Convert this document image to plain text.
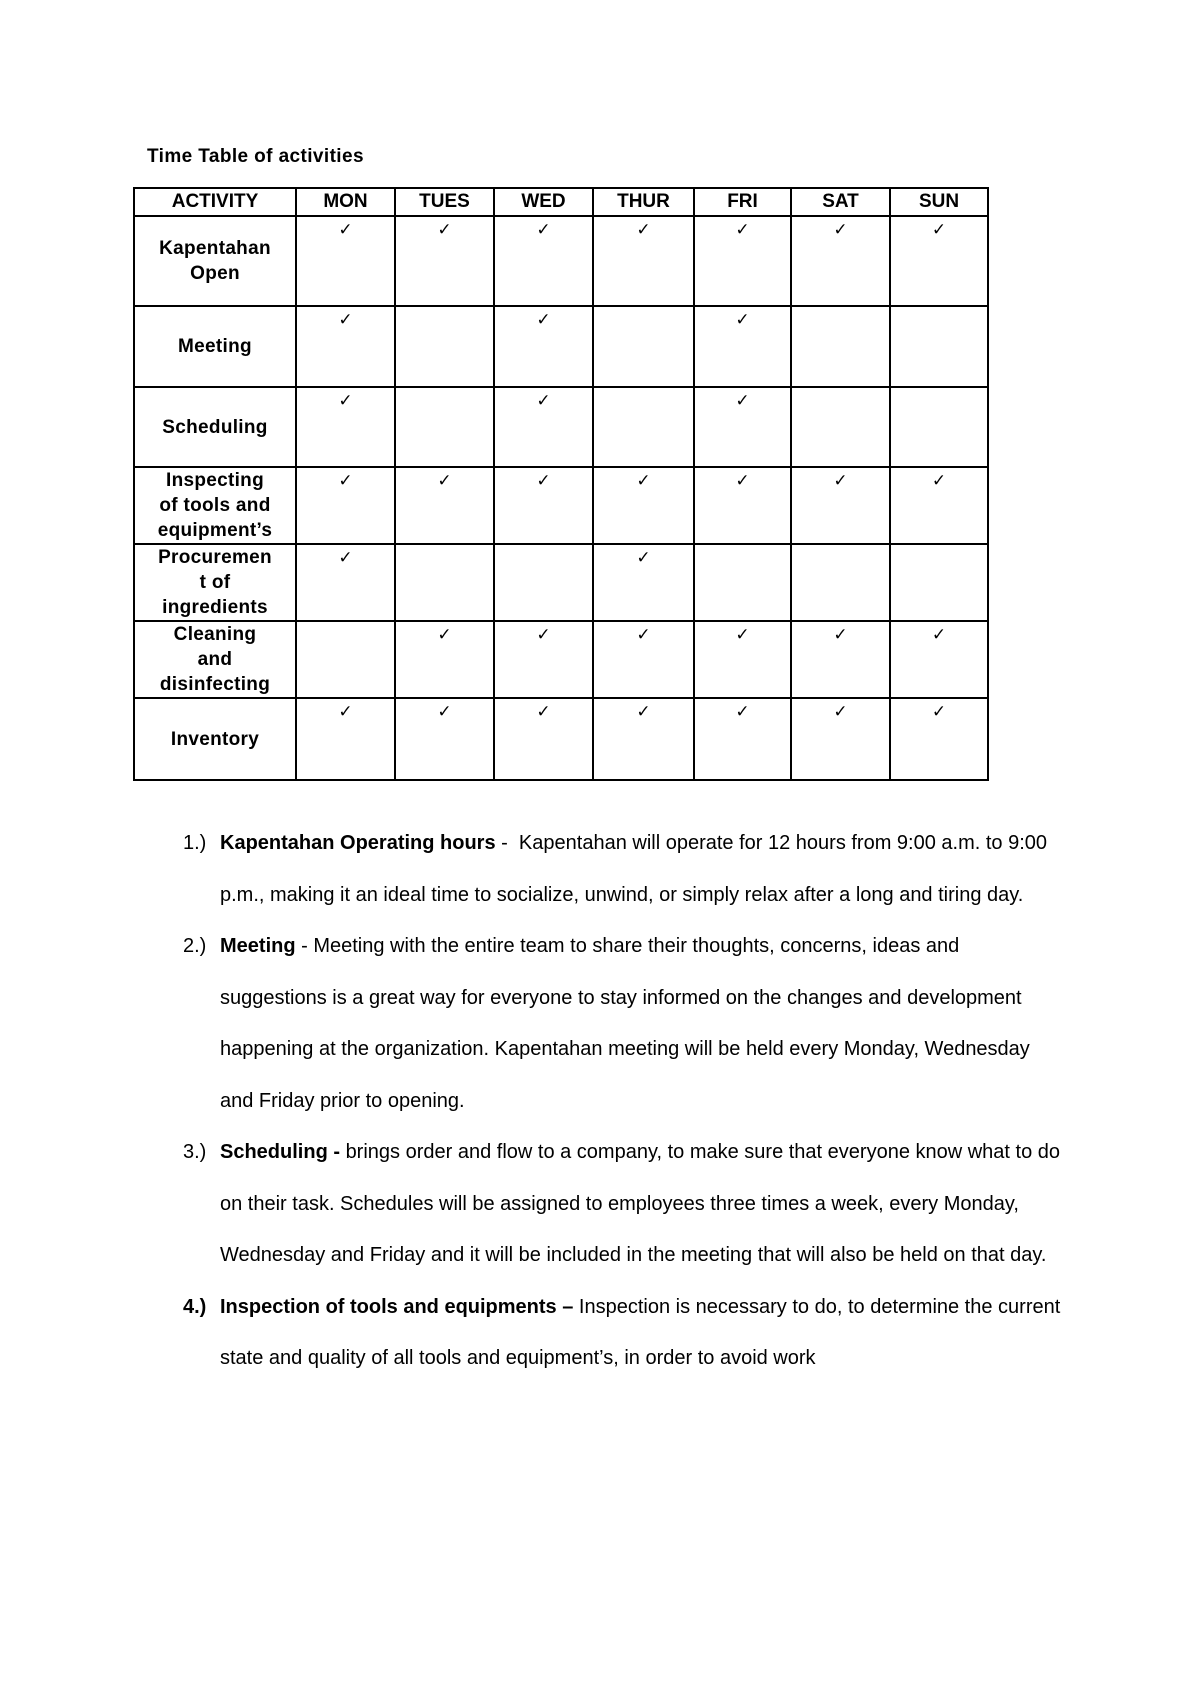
Time Table of activities
ACTIVITY	MON	TUES	WED	THUR	FRI	SAT	SUN
Kapentahan
Open	✓	✓	✓	✓	✓	✓	✓
Meeting	✓		✓		✓		
Scheduling	✓		✓		✓		
Inspecting
of tools and
equipment’s	✓	✓	✓	✓	✓	✓	✓
Procuremen
t of
ingredients	✓			✓			
Cleaning
and
disinfecting		✓	✓	✓	✓	✓	✓
Inventory	✓	✓	✓	✓	✓	✓	✓
1.) Kapentahan Operating hours -  Kapentahan will operate for 12 hours from 9:00 a.m. to 9:00 p.m., making it an ideal time to socialize, unwind, or simply relax after a long and tiring day.
2.) Meeting - Meeting with the entire team to share their thoughts, concerns, ideas and suggestions is a great way for everyone to stay informed on the changes and development happening at the organization. Kapentahan meeting will be held every Monday, Wednesday and Friday prior to opening.
3.) Scheduling - brings order and flow to a company, to make sure that everyone know what to do on their task. Schedules will be assigned to employees three times a week, every Monday, Wednesday and Friday and it will be included in the meeting that will also be held on that day.
4.) Inspection of tools and equipments – Inspection is necessary to do, to determine the current state and quality of all tools and equipment’s, in order to avoid work
